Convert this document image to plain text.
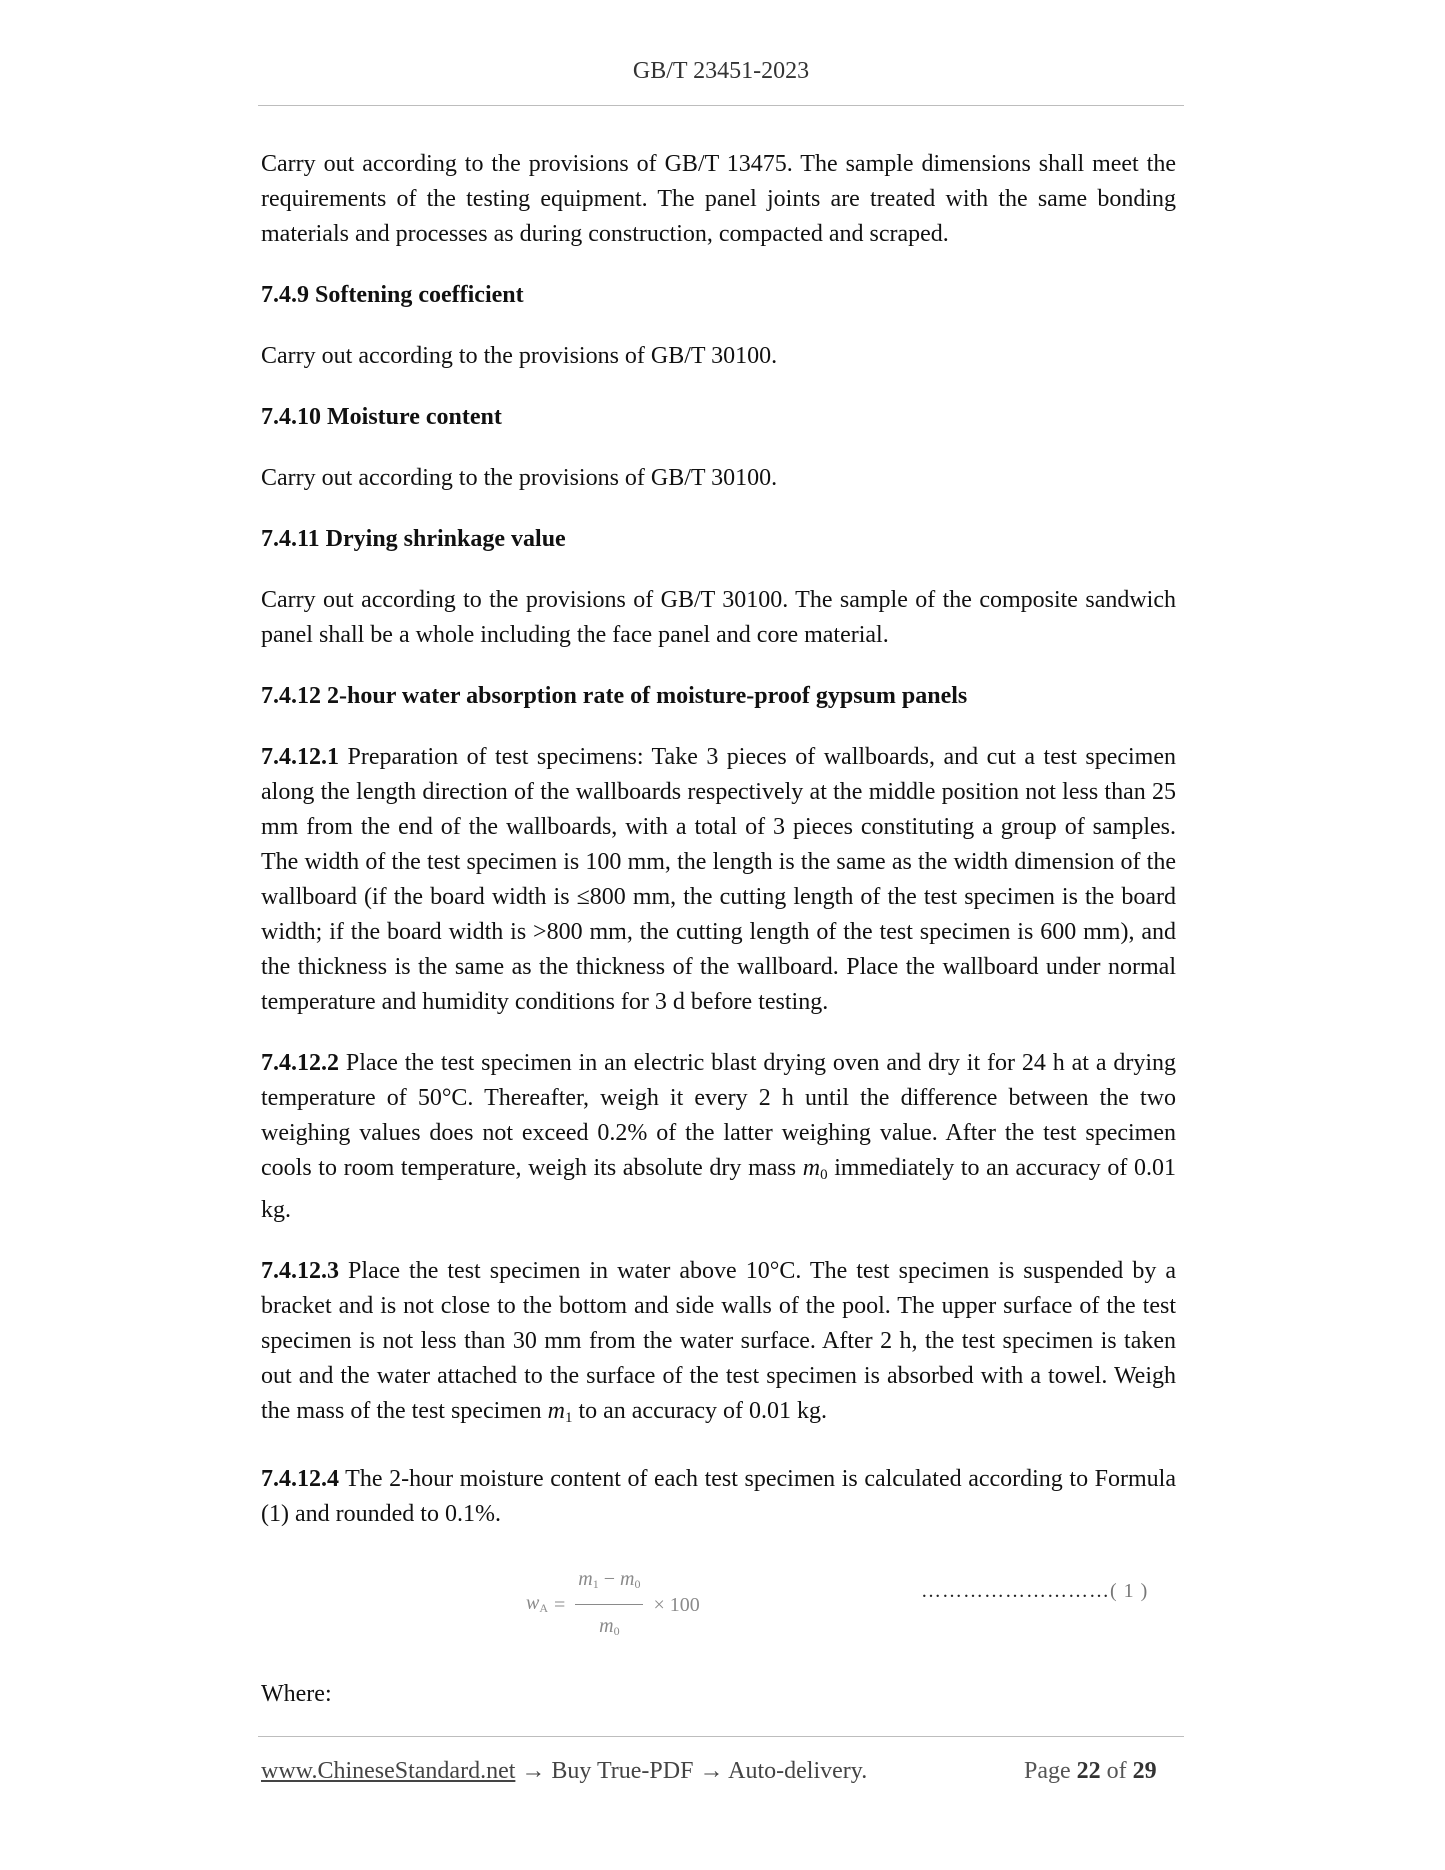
GB/T 23451-2023

Carry out according to the provisions of GB/T 13475. The sample dimensions shall meet the requirements of the testing equipment. The panel joints are treated with the same bonding materials and processes as during construction, compacted and scraped.

7.4.9 Softening coefficient

Carry out according to the provisions of GB/T 30100.

7.4.10 Moisture content

Carry out according to the provisions of GB/T 30100.

7.4.11 Drying shrinkage value

Carry out according to the provisions of GB/T 30100. The sample of the composite sandwich panel shall be a whole including the face panel and core material.

7.4.12 2-hour water absorption rate of moisture-proof gypsum panels

7.4.12.1 Preparation of test specimens: Take 3 pieces of wallboards, and cut a test specimen along the length direction of the wallboards respectively at the middle position not less than 25 mm from the end of the wallboards, with a total of 3 pieces constituting a group of samples. The width of the test specimen is 100 mm, the length is the same as the width dimension of the wallboard (if the board width is ≤800 mm, the cutting length of the test specimen is the board width; if the board width is >800 mm, the cutting length of the test specimen is 600 mm), and the thickness is the same as the thickness of the wallboard. Place the wallboard under normal temperature and humidity conditions for 3 d before testing.

7.4.12.2 Place the test specimen in an electric blast drying oven and dry it for 24 h at a drying temperature of 50°C. Thereafter, weigh it every 2 h until the difference between the two weighing values does not exceed 0.2% of the latter weighing value. After the test specimen cools to room temperature, weigh its absolute dry mass $m_0$ immediately to an accuracy of 0.01 kg.

7.4.12.3 Place the test specimen in water above 10°C. The test specimen is suspended by a bracket and is not close to the bottom and side walls of the pool. The upper surface of the test specimen is not less than 30 mm from the water surface. After 2 h, the test specimen is taken out and the water attached to the surface of the test specimen is absorbed with a towel. Weigh the mass of the test specimen $m_1$ to an accuracy of 0.01 kg.

7.4.12.4 The 2-hour moisture content of each test specimen is calculated according to Formula (1) and rounded to 0.1%.

wA = $\frac{m1 - m0}{m0} \times 100$
………………………( 1 )

Where:

www.ChineseStandard.net → Buy True-PDF → Auto-delivery.	Page 22 of 29
